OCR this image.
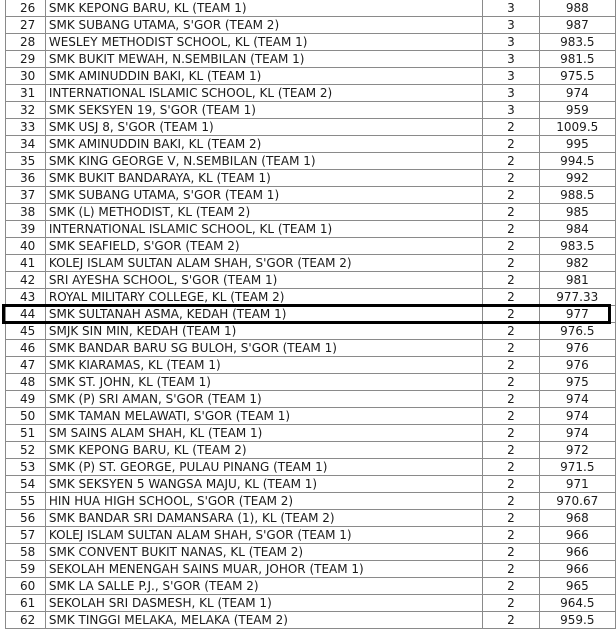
26	SMK KEPONG BARU, KL (TEAM 1)	3	988
27	SMK SUBANG UTAMA, S'GOR (TEAM 2)	3	987
28	WESLEY METHODIST SCHOOL, KL (TEAM 1)	3	983.5
29	SMK BUKIT MEWAH, N.SEMBILAN (TEAM 1)	3	981.5
30	SMK AMINUDDIN BAKI, KL (TEAM 1)	3	975.5
31	INTERNATIONAL ISLAMIC SCHOOL, KL (TEAM 2)	3	974
32	SMK SEKSYEN 19, S'GOR (TEAM 1)	3	959
33	SMK USJ 8, S'GOR (TEAM 1)	2	1009.5
34	SMK AMINUDDIN BAKI, KL (TEAM 2)	2	995
35	SMK KING GEORGE V, N.SEMBILAN (TEAM 1)	2	994.5
36	SMK BUKIT BANDARAYA, KL (TEAM 1)	2	992
37	SMK SUBANG UTAMA, S'GOR (TEAM 1)	2	988.5
38	SMK (L) METHODIST, KL (TEAM 2)	2	985
39	INTERNATIONAL ISLAMIC SCHOOL, KL (TEAM 1)	2	984
40	SMK SEAFIELD, S'GOR (TEAM 2)	2	983.5
41	KOLEJ ISLAM SULTAN ALAM SHAH, S'GOR (TEAM 2)	2	982
42	SRI AYESHA SCHOOL, S'GOR (TEAM 1)	2	981
43	ROYAL MILITARY COLLEGE, KL (TEAM 2)	2	977.33
44	SMK SULTANAH ASMA, KEDAH (TEAM 1)	2	977
45	SMJK SIN MIN, KEDAH (TEAM 1)	2	976.5
46	SMK BANDAR BARU SG BULOH, S'GOR (TEAM 1)	2	976
47	SMK KIARAMAS, KL (TEAM 1)	2	976
48	SMK ST. JOHN, KL (TEAM 1)	2	975
49	SMK (P) SRI AMAN, S'GOR (TEAM 1)	2	974
50	SMK TAMAN MELAWATI, S'GOR (TEAM 1)	2	974
51	SM SAINS ALAM SHAH, KL (TEAM 1)	2	974
52	SMK KEPONG BARU, KL (TEAM 2)	2	972
53	SMK (P) ST. GEORGE, PULAU PINANG (TEAM 1)	2	971.5
54	SMK SEKSYEN 5 WANGSA MAJU, KL (TEAM 1)	2	971
55	HIN HUA HIGH SCHOOL, S'GOR (TEAM 2)	2	970.67
56	SMK BANDAR SRI DAMANSARA (1), KL (TEAM 2)	2	968
57	KOLEJ ISLAM SULTAN ALAM SHAH, S'GOR (TEAM 1)	2	966
58	SMK CONVENT BUKIT NANAS, KL (TEAM 2)	2	966
59	SEKOLAH MENENGAH SAINS MUAR, JOHOR (TEAM 1)	2	966
60	SMK LA SALLE P.J., S'GOR (TEAM 2)	2	965
61	SEKOLAH SRI DASMESH, KL (TEAM 1)	2	964.5
62	SMK TINGGI MELAKA, MELAKA (TEAM 2)	2	959.5
